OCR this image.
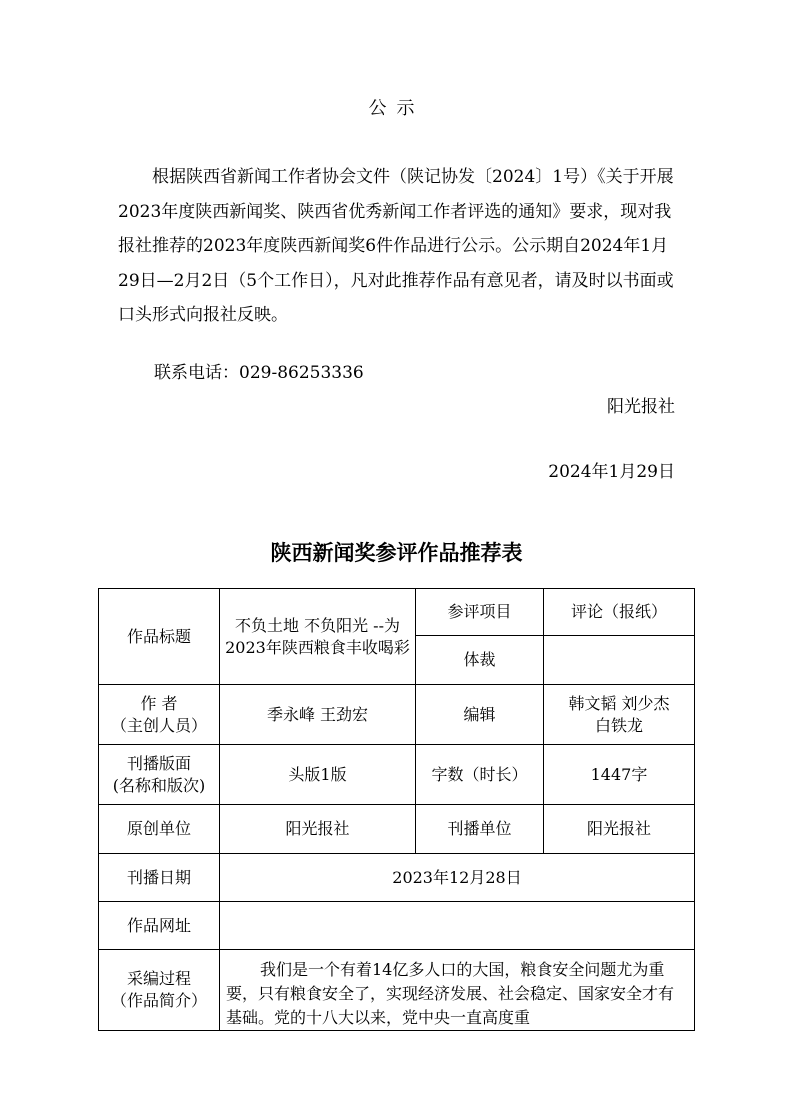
公示

根据陕西省新闻工作者协会文件（陕记协发〔2024〕1号）《关于开展2023年度陕西新闻奖、陕西省优秀新闻工作者评选的通知》要求，现对我报社推荐的2023年度陕西新闻奖6件作品进行公示。公示期自2024年1月29日—2月2日（5个工作日），凡对此推荐作品有意见者，请及时以书面或口头形式向报社反映。

联系电话：029-86253336
阳光报社
2024年1月29日
陕西新闻奖参评作品推荐表
作品标题	不负土地 不负阳光 --为2023年陕西粮食丰收喝彩	参评项目	评论（报纸）
		体裁	

作 者
（主创人员）	季永峰 王劲宏	编辑	韩文韬 刘少杰
白铁龙

刊播版面
(名称和版次)	头版1版	字数（时长）	1447字
原创单位	阳光报社	刊播单位	阳光报社
刊播日期	2023年12月28日		
作品网址			

采编过程
（作品简介）	我们是一个有着14亿多人口的大国，粮食安全问题尤为重要，只有粮食安全了，实现经济发展、社会稳定、国家安全才有基础。党的十八大以来，党中央一直高度重		
